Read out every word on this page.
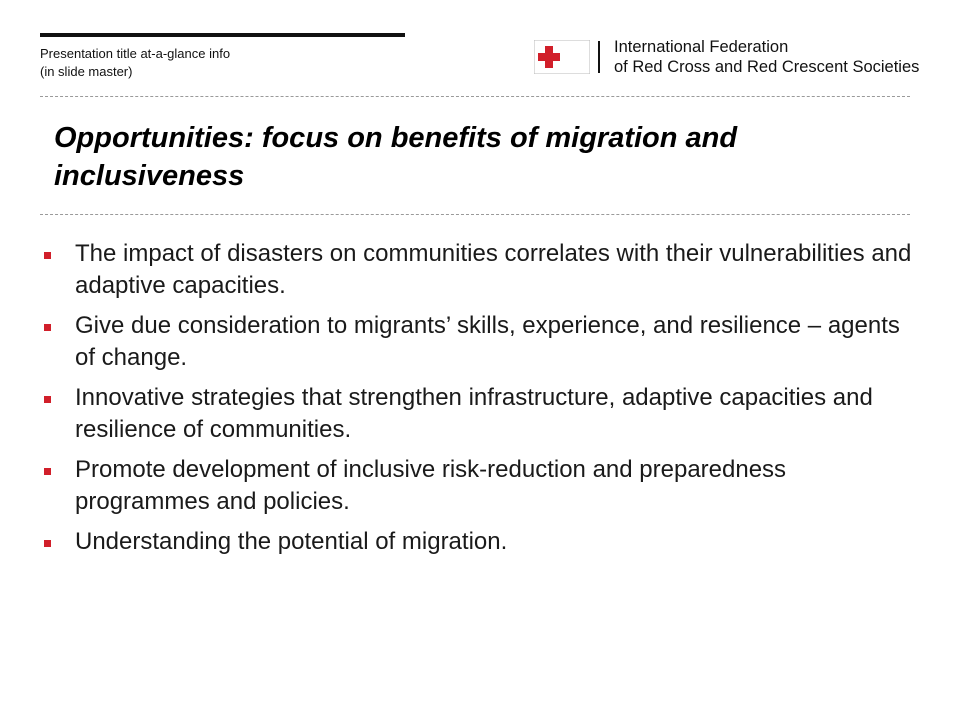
Presentation title at-a-glance info
(in slide master)
International Federation
of Red Cross and Red Crescent Societies
Opportunities: focus on benefits of migration and inclusiveness
The impact of disasters on communities correlates with their vulnerabilities and adaptive capacities.
Give due consideration to migrants’ skills, experience, and resilience – agents of change.
Innovative strategies that strengthen infrastructure, adaptive capacities and resilience of communities.
Promote development of inclusive risk-reduction and preparedness programmes and policies.
Understanding the potential of migration.
